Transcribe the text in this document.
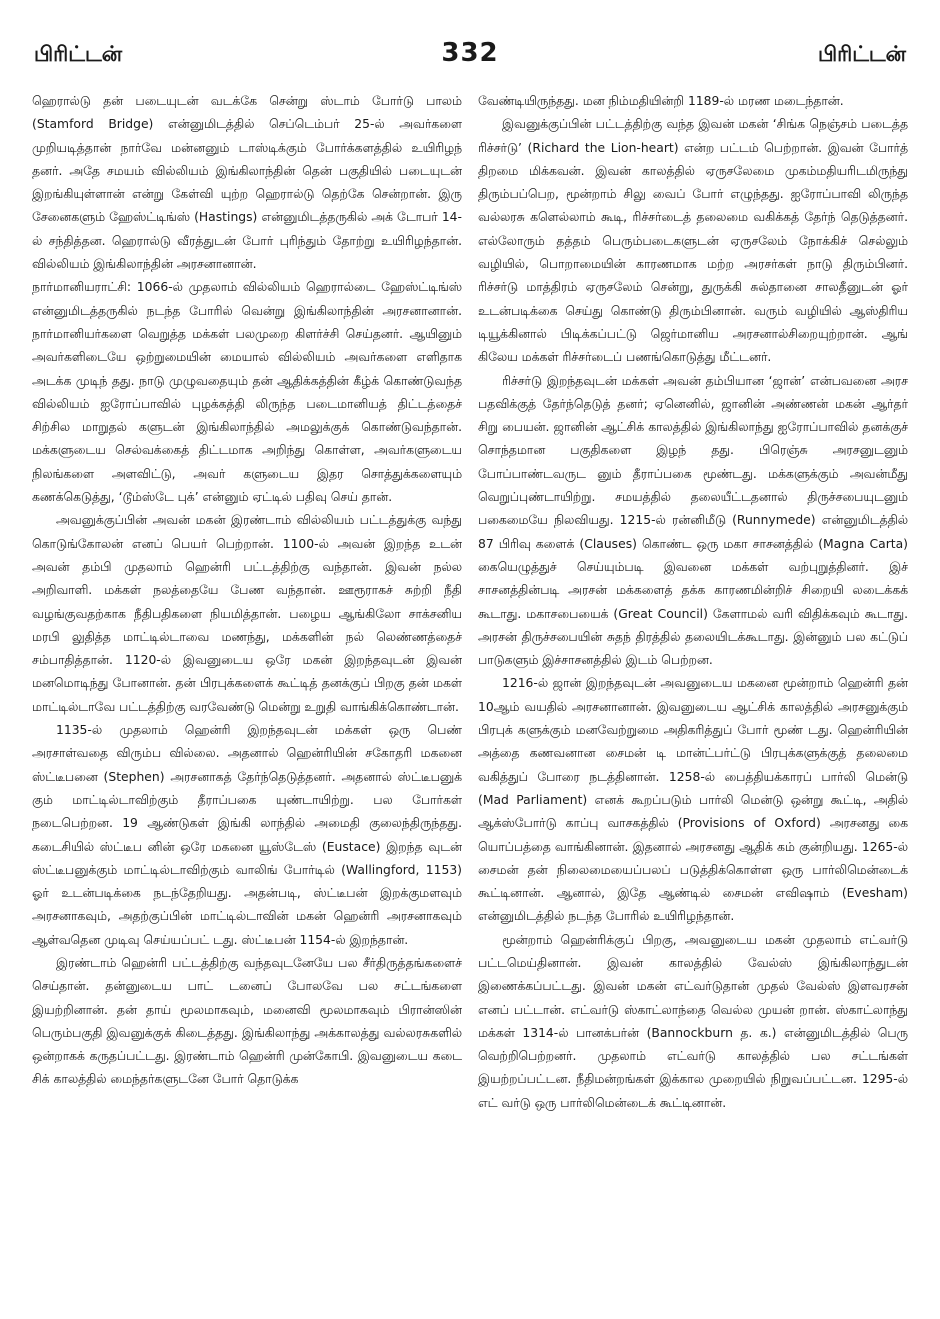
பிரிட்டன்	332	பிரிட்டன்

ஹெரால்டு தன் படையுடன் வடக்கே சென்று ஸ்டாம் போர்டு பாலம் (Stamford Bridge) என்னுமிடத்தில் செப்டெம்பர் 25-ல் அவர்களை முறியடித்தான் நார்வே மன்னனும் டாஸ்டிக்கும் போர்க்களத்தில் உயிரிழந் தனர். அதே சமயம் வில்லியம் இங்கிலாந்தின் தென் பகுதியில் படையுடன் இறங்கியுள்ளான் என்று கேள்வி யுற்ற ஹெரால்டு தெற்கே சென்றான். இரு சேனைகளும் ஹேஸ்ட்டிங்ஸ் (Hastings) என்னுமிடத்தருகில் அக் டோபர் 14-ல் சந்தித்தன. ஹெரால்டு வீரத்துடன் போர் புரிந்தும் தோற்று உயிரிழந்தான். வில்லியம் இங்கிலாந்தின் அரசனானான்.

நார்மானியராட்சி: 1066-ல் முதலாம் வில்லியம் ஹெரால்டை ஹேஸ்ட்டிங்ஸ் என்னுமிடத்தருகில் நடந்த போரில் வென்று இங்கிலாந்தின் அரசனானான். நார்மானியர்களை வெறுத்த மக்கள் பலமுறை கிளர்ச்சி செய்தனர். ஆயினும் அவர்களிடையே ஒற்றுமையின் மையால் வில்லியம் அவர்களை எளிதாக அடக்க முடிந் தது. நாடு முழுவதையும் தன் ஆதிக்கத்தின் கீழ்க் கொண்டுவந்த வில்லியம் ஐரோப்பாவில் புழக்கத்தி லிருந்த படைமானியத் திட்டத்தைச் சிற்சில மாறுதல் களுடன் இங்கிலாந்தில் அமலுக்குக் கொண்டுவந்தான். மக்களுடைய செல்வக்கைத் திட்டமாக அறிந்து கொள்ள, அவர்களுடைய நிலங்களை அளவிட்டு, அவர் களுடைய இதர சொத்துக்களையும் கணக்கெடுத்து, ‘டூம்ஸ்டே புக்’ என்னும் ஏட்டில் பதிவு செய் தான்.

அவனுக்குப்பின் அவன் மகன் இரண்டாம் வில்லியம் பட்டத்துக்கு வந்து கொடுங்கோலன் எனப் பெயர் பெற்றான். 1100-ல் அவன் இறந்த உடன் அவன் தம்பி முதலாம் ஹென்ரி பட்டத்திற்கு வந்தான். இவன் நல்ல அறிவாளி. மக்கள் நலத்தையே பேண வந்தான். ஊரூராகச் சுற்றி நீதி வழங்குவதற்காக நீதிபதிகளை நியமித்தான். பழைய ஆங்கிலோ சாக்சனிய மரபி லுதித்த மாட்டில்டாவை மணந்து, மக்களின் நல் லெண்ணத்தைச் சம்பாதித்தான். 1120-ல் இவனுடைய ஒரே மகன் இறந்தவுடன் இவன் மனமொடிந்து போனான். தன் பிரபுக்களைக் கூட்டித் தனக்குப் பிறகு தன் மகள் மாட்டில்டாவே பட்டத்திற்கு வரவேண்டு மென்று உறுதி வாங்கிக்கொண்டான்.

1135-ல் முதலாம் ஹென்ரி இறந்தவுடன் மக்கள் ஒரு பெண் அரசாள்வதை விரும்ப வில்லை. அதனால் ஹென்ரியின் சகோதரி மகனை ஸ்ட்டீபனை (Stephen) அரசனாகத் தேர்ந்தெடுத்தனர். அதனால் ஸ்ட்டீபனுக் கும் மாட்டில்டாவிற்கும் தீராப்பகை யுண்டாயிற்று. பல போர்கள் நடைபெற்றன. 19 ஆண்டுகள் இங்கி லாந்தில் அமைதி குலைந்திருந்தது. கடைசியில் ஸ்ட்டீப னின் ஒரே மகனை யூஸ்டேஸ் (Eustace) இறந்த வுடன் ஸ்ட்டீபனுக்கும் மாட்டில்டாவிற்கும் வாலிங் போர்டில் (Wallingford, 1153) ஓர் உடன்படிக்கை நடந்தேறியது. அதன்படி, ஸ்ட்டீபன் இறக்குமளவும் அரசனாகவும், அதற்குப்பின் மாட்டில்டாவின் மகன் ஹென்ரி அரசனாகவும் ஆள்வதென முடிவு செய்யப்பட் டது. ஸ்ட்டீபன் 1154-ல் இறந்தான்.

இரண்டாம் ஹென்ரி பட்டத்திற்கு வந்தவுடனேயே பல சீர்திருத்தங்களைச் செய்தான். தன்னுடைய பாட் டனைப் போலவே பல சட்டங்களை இயற்றினான். தன் தாய் மூலமாகவும், மனைவி மூலமாகவும் பிரான்ஸின் பெரும்பகுதி இவனுக்குக் கிடைத்தது. இங்கிலாந்து அக்காலத்து வல்லரசுகளில் ஒன்றாகக் கருதப்பட்டது. இரண்டாம் ஹென்ரி முன்கோபி. இவனுடைய கடை சிக் காலத்தில் மைந்தர்களுடனே போர் தொடுக்க

வேண்டியிருந்தது. மன நிம்மதியின்றி 1189-ல் மரண மடைந்தான்.

இவனுக்குப்பின் பட்டத்திற்கு வந்த இவன் மகன் ‘சிங்க நெஞ்சம் படைத்த ரிச்சர்டு’ (Richard the Lion-heart) என்ற பட்டம் பெற்றான். இவன் போர்த் திறமை மிக்கவன். இவன் காலத்தில் ஏருசலேமை முகம்மதியரிடமிருந்து திரும்பப்பெற, மூன்றாம் சிலு வைப் போர் எழுந்தது. ஐரோப்பாவி லிருந்த வல்லரசு களெல்லாம் கூடி, ரிச்சர்டைத் தலைமை வகிக்கத் தேர்ந் தெடுத்தனர். எல்லோரும் தத்தம் பெரும்படைகளுடன் ஏருசலேம் நோக்கிச் செல்லும் வழியில், பொறாமையின் காரணமாக மற்ற அரசர்கள் நாடு திரும்பினர். ரிச்சர்டு மாத்திரம் ஏருசலேம் சென்று, துருக்கி சுல்தானை சாலதீனுடன் ஓர் உடன்படிக்கை செய்து கொண்டு திரும்பினான். வரும் வழியில் ஆஸ்திரிய டியூக்கினால் பிடிக்கப்பட்டு ஜெர்மானிய அரசனால்சிறையுற்றான். ஆங் கிலேய மக்கள் ரிச்சர்டைப் பணங்கொடுத்து மீட்டனர்.

ரிச்சர்டு இறந்தவுடன் மக்கள் அவன் தம்பியான ‘ஜான்’ என்பவனை அரச பதவிக்குத் தேர்ந்தெடுத் தனர்; ஏனெனில், ஜானின் அண்ணன் மகன் ஆர்தர் சிறு பையன். ஜானின் ஆட்சிக் காலத்தில் இங்கிலாந்து ஐரோப்பாவில் தனக்குச் சொந்தமான பகுதிகளை இழந் தது. பிரெஞ்சு அரசனுடனும் போப்பாண்டவருட னும் தீராப்பகை மூண்டது. மக்களுக்கும் அவன்மீது வெறுப்புண்டாயிற்று. சமயத்தில் தலையீட்டதனால் திருச்சபையுடனும் பகைமையே நிலவியது. 1215-ல் ரன்னிமீடு (Runnymede) என்னுமிடத்தில் 87 பிரிவு களைக் (Clauses) கொண்ட ஒரு மகா சாசனத்தில் (Magna Carta) கையெழுத்துச் செய்யும்படி இவனை மக்கள் வற்புறுத்தினர். இச் சாசனத்தின்படி அரசன் மக்களைத் தக்க காரணமின்றிச் சிறையி லடைக்கக் கூடாது. மகாசபையைக் (Great Council) கேளாமல் வரி விதிக்கவும் கூடாது. அரசன் திருச்சபையின் சுதந் திரத்தில் தலையிடக்கூடாது. இன்னும் பல கட்டுப் பாடுகளும் இச்சாசனத்தில் இடம் பெற்றன.

1216-ல் ஜான் இறந்தவுடன் அவனுடைய மகனை மூன்றாம் ஹென்ரி தன் 10ஆம் வயதில் அரசனானான். இவனுடைய ஆட்சிக் காலத்தில் அரசனுக்கும் பிரபுக் களுக்கும் மனவேற்றுமை அதிகரித்துப் போர் மூண் டது. ஹென்ரியின் அத்தை கணவனான சைமன் டி மான்ட்பர்ட்டு பிரபுக்களுக்குத் தலைமை வகித்துப் போரை நடத்தினான். 1258-ல் பைத்தியக்காரப் பார்லி மென்டு (Mad Parliament) எனக் கூறப்படும் பார்லி மென்டு ஒன்று கூட்டி, அதில் ஆக்ஸ்போர்டு காப்பு வாசகத்தில் (Provisions of Oxford) அரசனது கை யொப்பத்தை வாங்கினான். இதனால் அரசனது ஆதிக் கம் குன்றியது. 1265-ல் சைமன் தன் நிலைமையைப்பலப் படுத்திக்கொள்ள ஒரு பார்லிமென்டைக் கூட்டினான். ஆனால், இதே ஆண்டில் சைமன் எவிஷாம் (Evesham) என்னுமிடத்தில் நடந்த போரில் உயிரிழந்தான்.

மூன்றாம் ஹென்ரிக்குப் பிறகு, அவனுடைய மகன் முதலாம் எட்வர்டு பட்டமெய்தினான். இவன் காலத்தில் வேல்ஸ் இங்கிலாந்துடன் இணைக்கப்பட்டது. இவன் மகன் எட்வர்டுதான் முதல் வேல்ஸ் இளவரசன் எனப் பட்டான். எட்வர்டு ஸ்காட்லாந்தை வெல்ல முயன் றான். ஸ்காட்லாந்து மக்கள் 1314-ல் பானக்பர்ன் (Bannockburn த. க.) என்னுமிடத்தில் பெரு வெற்றிபெற்றனர். முதலாம் எட்வர்டு காலத்தில் பல சட்டங்கள் இயற்றப்பட்டன. நீதிமன்றங்கள் இக்கால முறையில் நிறுவப்பட்டன. 1295-ல் எட் வர்டு ஒரு பார்லிமென்டைக் கூட்டினான்.
